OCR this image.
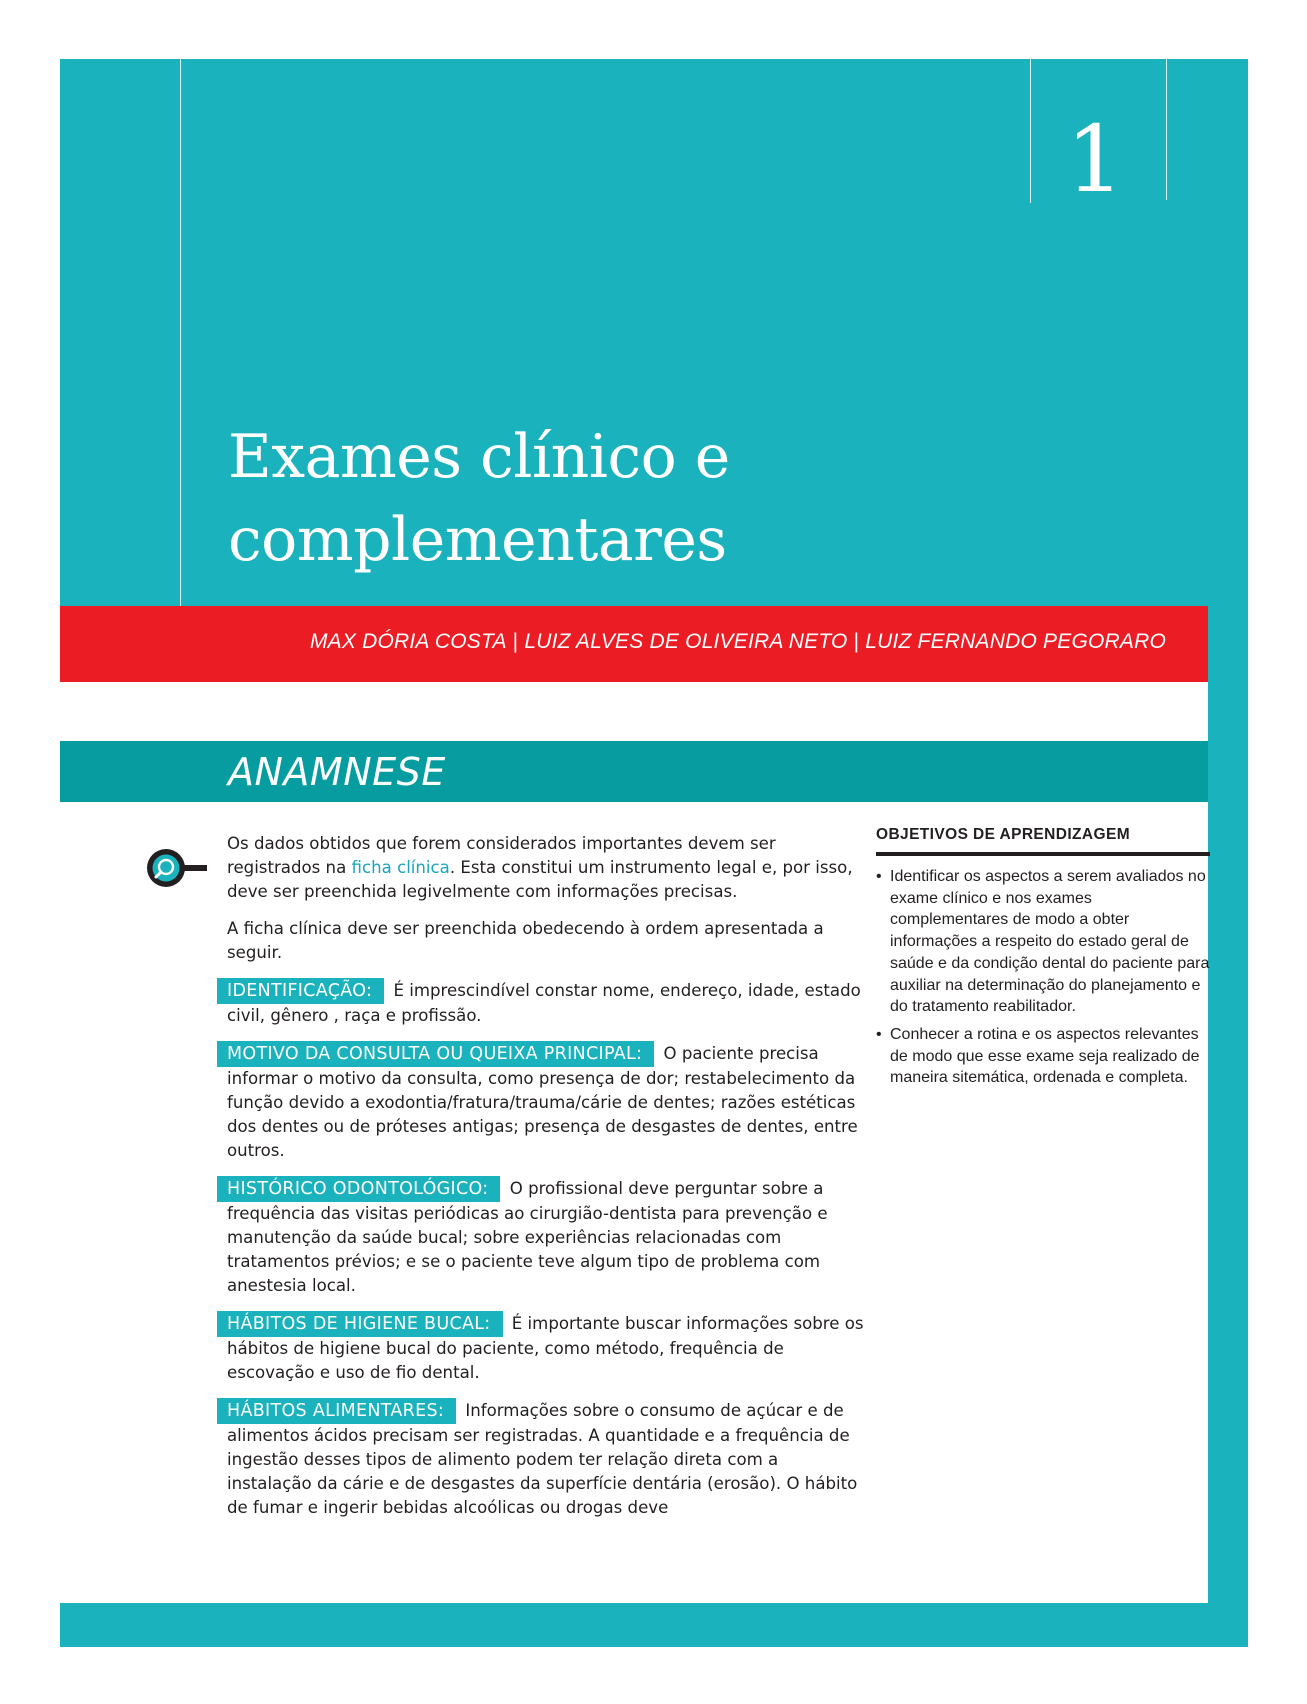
1
Exames clínico e
complementares
MAX DÓRIA COSTA | LUIZ ALVES DE OLIVEIRA NETO | LUIZ FERNANDO PEGORARO
ANAMNESE

Os dados obtidos que forem considerados importantes devem ser registrados na ficha clínica. Esta constitui um instrumento legal e, por isso, deve ser preenchida legivelmente com informações precisas.

A ficha clínica deve ser preenchida obedecendo à ordem apresentada a seguir.

IDENTIFICAÇÃO: É imprescindível constar nome, endereço, idade, estado civil, gênero , raça e profissão.

MOTIVO DA CONSULTA OU QUEIXA PRINCIPAL: O paciente precisa informar o motivo da consulta, como presença de dor; restabelecimento da função devido a exodontia/fratura/trauma/cárie de dentes; razões estéticas dos dentes ou de próteses antigas; presença de desgastes de dentes, entre outros.

HISTÓRICO ODONTOLÓGICO: O profissional deve perguntar sobre a frequência das visitas periódicas ao cirurgião-dentista para prevenção e manutenção da saúde bucal; sobre experiências relacionadas com tratamentos prévios; e se o paciente teve algum tipo de problema com anestesia local.

HÁBITOS DE HIGIENE BUCAL: É importante buscar informações sobre os hábitos de higiene bucal do paciente, como método, frequência de escovação e uso de fio dental.

HÁBITOS ALIMENTARES: Informações sobre o consumo de açúcar e de alimentos ácidos precisam ser registradas. A quantidade e a frequência de ingestão desses tipos de alimento podem ter relação direta com a instalação da cárie e de desgastes da superfície dentária (erosão). O hábito de fumar e ingerir bebidas alcoólicas ou drogas deve

OBJETIVOS DE APRENDIZAGEM
• Identificar os aspectos a serem avaliados no exame clínico e nos exames complementares de modo a obter informações a respeito do estado geral de saúde e da condição dental do paciente para auxiliar na determinação do planejamento e do tratamento reabilitador.
• Conhecer a rotina e os aspectos relevantes de modo que esse exame seja realizado de maneira sitemática, ordenada e completa.
